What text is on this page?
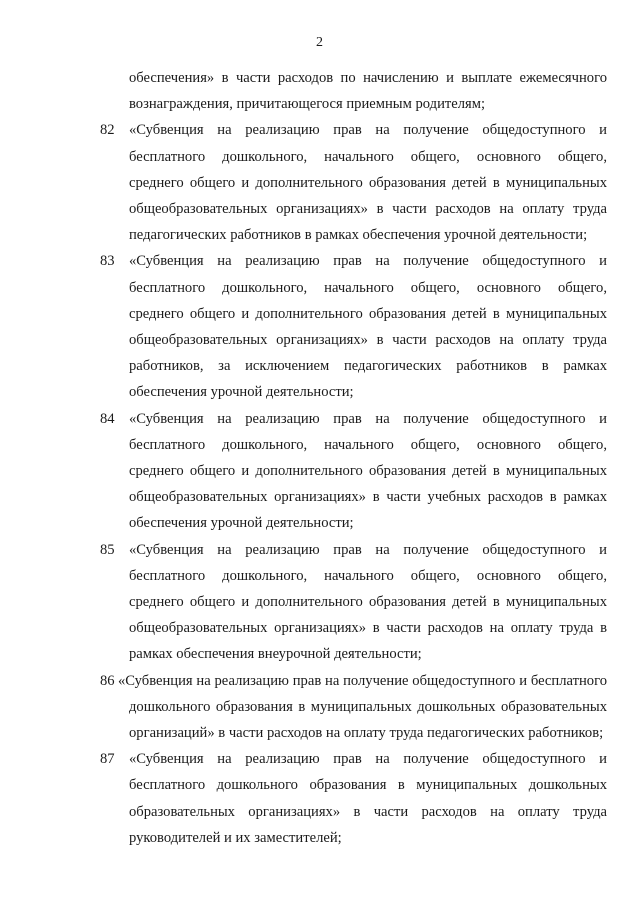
2
обеспечения» в части расходов по начислению и выплате ежемесячного
вознаграждения, причитающегося приемным родителям;
82 «Субвенция на реализацию прав на получение общедоступного и
бесплатного дошкольного, начального общего, основного общего,
среднего общего и дополнительного образования детей в муниципальных
общеобразовательных организациях» в части расходов на оплату труда
педагогических работников в рамках обеспечения урочной деятельности;
83 «Субвенция на реализацию прав на получение общедоступного и
бесплатного дошкольного, начального общего, основного общего,
среднего общего и дополнительного образования детей в муниципальных
общеобразовательных организациях» в части расходов на оплату труда
работников, за исключением педагогических работников в рамках
обеспечения урочной деятельности;
84 «Субвенция на реализацию прав на получение общедоступного и
бесплатного дошкольного, начального общего, основного общего,
среднего общего и дополнительного образования детей в муниципальных
общеобразовательных организациях» в части учебных расходов в рамках
обеспечения урочной деятельности;
85 «Субвенция на реализацию прав на получение общедоступного и
бесплатного дошкольного, начального общего, основного общего,
среднего общего и дополнительного образования детей в муниципальных
общеобразовательных организациях» в части расходов на оплату труда в
рамках обеспечения внеурочной деятельности;
86 «Субвенция на реализацию прав на получение общедоступного и бесплатного
дошкольного образования в муниципальных дошкольных образовательных
организаций» в части расходов на оплату труда педагогических работников;
87 «Субвенция на реализацию прав на получение общедоступного и
бесплатного дошкольного образования в муниципальных дошкольных
образовательных организациях» в части расходов на оплату труда
руководителей и их заместителей;
